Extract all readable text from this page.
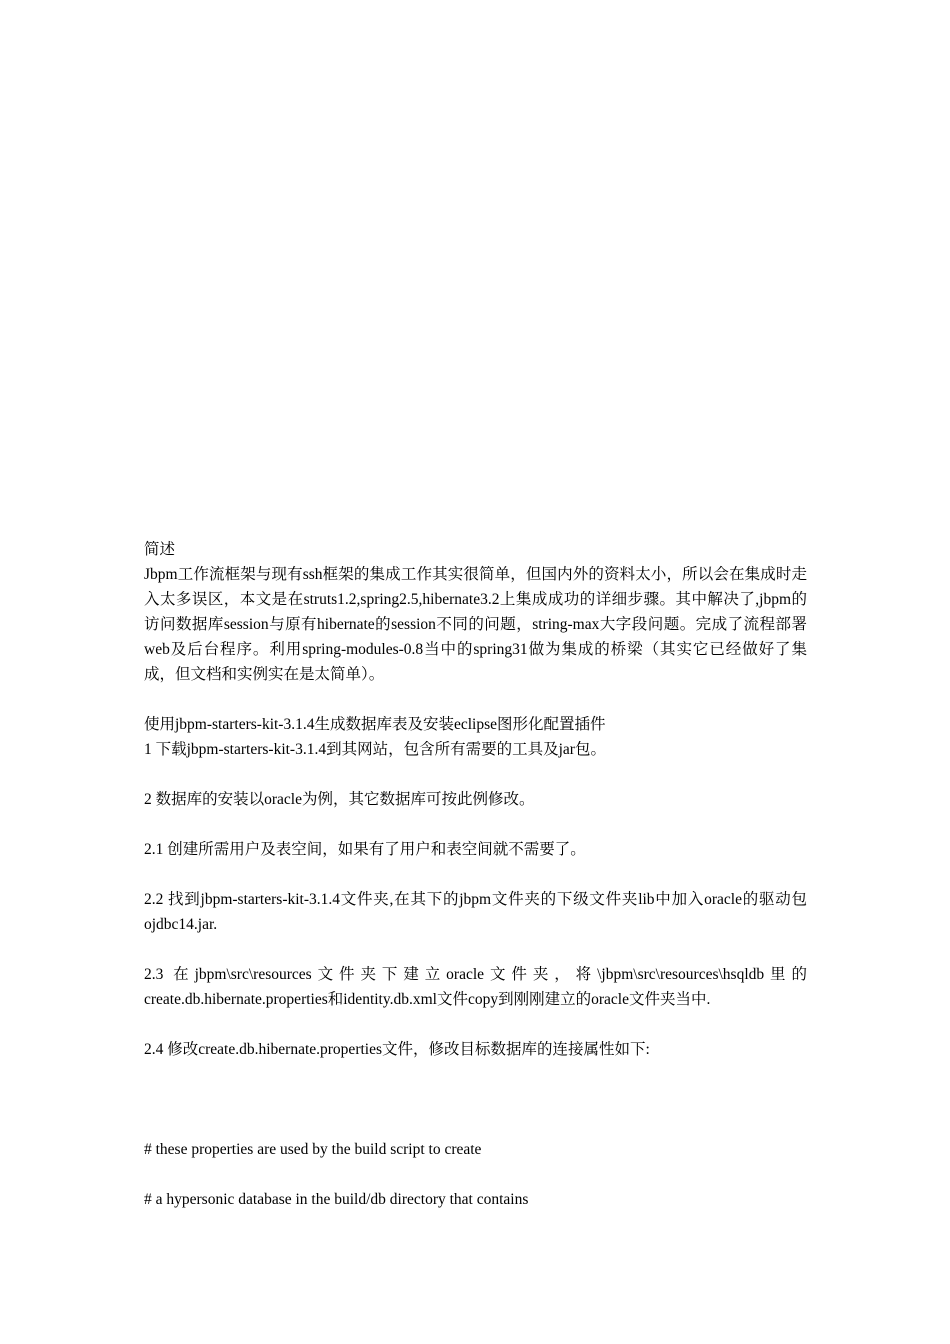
简述

Jbpm工作流框架与现有ssh框架的集成工作其实很简单，但国内外的资料太小，所以会在集成时走入太多误区，本文是在struts1.2,spring2.5,hibernate3.2上集成成功的详细步骤。其中解决了,jbpm的访问数据库session与原有hibernate的session不同的问题，string-max大字段问题。完成了流程部署web及后台程序。利用spring-modules-0.8当中的spring31做为集成的桥梁（其实它已经做好了集成，但文档和实例实在是太简单）。

使用jbpm-starters-kit-3.1.4生成数据库表及安装eclipse图形化配置插件

1 下载jbpm-starters-kit-3.1.4到其网站，包含所有需要的工具及jar包。

2 数据库的安装以oracle为例，其它数据库可按此例修改。

2.1 创建所需用户及表空间，如果有了用户和表空间就不需要了。

2.2 找到jbpm-starters-kit-3.1.4文件夹,在其下的jbpm文件夹的下级文件夹lib中加入oracle的驱动包ojdbc14.jar.

2.3 在jbpm\src\resources文件夹下建立oracle文件夹，将\jbpm\src\resources\hsqldb里的create.db.hibernate.properties和identity.db.xml文件copy到刚刚建立的oracle文件夹当中.

2.4 修改create.db.hibernate.properties文件，修改目标数据库的连接属性如下:

# these properties are used by the build script to create

# a hypersonic database in the build/db directory that contains
